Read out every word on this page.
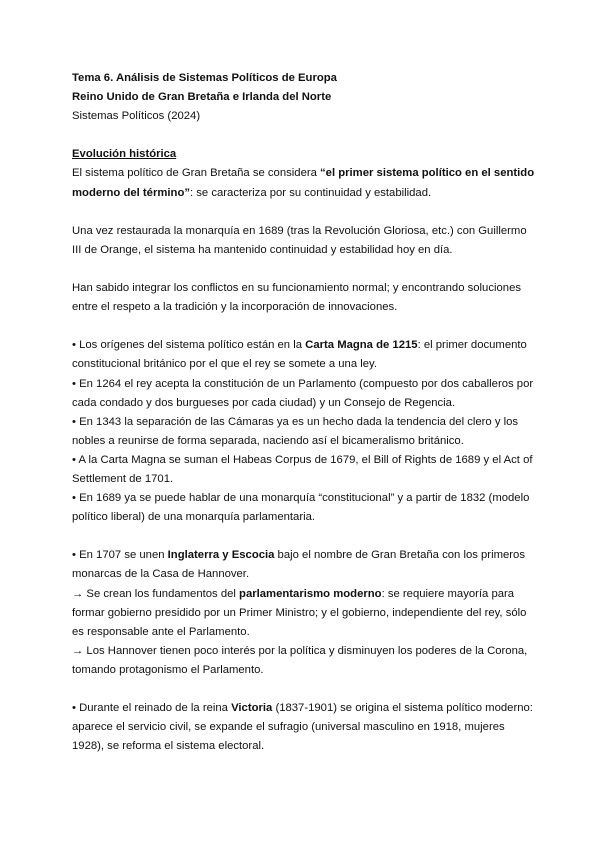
Tema 6. Análisis de Sistemas Políticos de Europa
Reino Unido de Gran Bretaña e Irlanda del Norte
Sistemas Políticos (2024)
Evolución histórica
El sistema político de Gran Bretaña se considera “el primer sistema político en el sentido
moderno del término”: se caracteriza por su continuidad y estabilidad.
Una vez restaurada la monarquía en 1689 (tras la Revolución Gloriosa, etc.) con Guillermo
III de Orange, el sistema ha mantenido continuidad y estabilidad hoy en día.
Han sabido integrar los conflictos en su funcionamiento normal; y encontrando soluciones
entre el respeto a la tradición y la incorporación de innovaciones.
• Los orígenes del sistema político están en la Carta Magna de 1215: el primer documento
constitucional británico por el que el rey se somete a una ley.
• En 1264 el rey acepta la constitución de un Parlamento (compuesto por dos caballeros por
cada condado y dos burgueses por cada ciudad) y un Consejo de Regencia.
• En 1343 la separación de las Cámaras ya es un hecho dada la tendencia del clero y los
nobles a reunirse de forma separada, naciendo así el bicameralismo británico.
• A la Carta Magna se suman el Habeas Corpus de 1679, el Bill of Rights de 1689 y el Act of
Settlement de 1701.
• En 1689 ya se puede hablar de una monarquía “constitucional” y a partir de 1832 (modelo
político liberal) de una monarquía parlamentaria.
• En 1707 se unen Inglaterra y Escocia bajo el nombre de Gran Bretaña con los primeros
monarcas de la Casa de Hannover.
→ Se crean los fundamentos del parlamentarismo moderno: se requiere mayoría para
formar gobierno presidido por un Primer Ministro; y el gobierno, independiente del rey, sólo
es responsable ante el Parlamento.
→ Los Hannover tienen poco interés por la política y disminuyen los poderes de la Corona,
tomando protagonismo el Parlamento.
• Durante el reinado de la reina Victoria (1837-1901) se origina el sistema político moderno:
aparece el servicio civil, se expande el sufragio (universal masculino en 1918, mujeres
1928), se reforma el sistema electoral.
